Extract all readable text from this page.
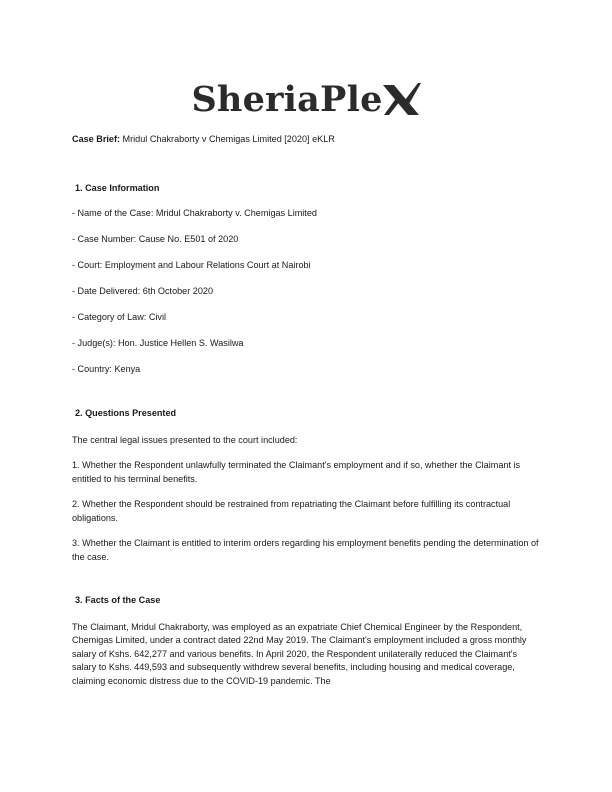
SheriaPle

Case Brief: Mridul Chakraborty v Chemigas Limited [2020] eKLR

1. Case Information

- Name of the Case: Mridul Chakraborty v. Chemigas Limited

- Case Number: Cause No. E501 of 2020

- Court: Employment and Labour Relations Court at Nairobi

- Date Delivered: 6th October 2020

- Category of Law: Civil

- Judge(s): Hon. Justice Hellen S. Wasilwa

- Country: Kenya

2. Questions Presented

The central legal issues presented to the court included:

1. Whether the Respondent unlawfully terminated the Claimant's employment and if so, whether the Claimant is entitled to his terminal benefits.

2. Whether the Respondent should be restrained from repatriating the Claimant before fulfilling its contractual obligations.

3. Whether the Claimant is entitled to interim orders regarding his employment benefits pending the determination of the case.

3. Facts of the Case

The Claimant, Mridul Chakraborty, was employed as an expatriate Chief Chemical Engineer by the Respondent, Chemigas Limited, under a contract dated 22nd May 2019. The Claimant's employment included a gross monthly salary of Kshs. 642,277 and various benefits. In April 2020, the Respondent unilaterally reduced the Claimant's salary to Kshs. 449,593 and subsequently withdrew several benefits, including housing and medical coverage, claiming economic distress due to the COVID-19 pandemic. The
